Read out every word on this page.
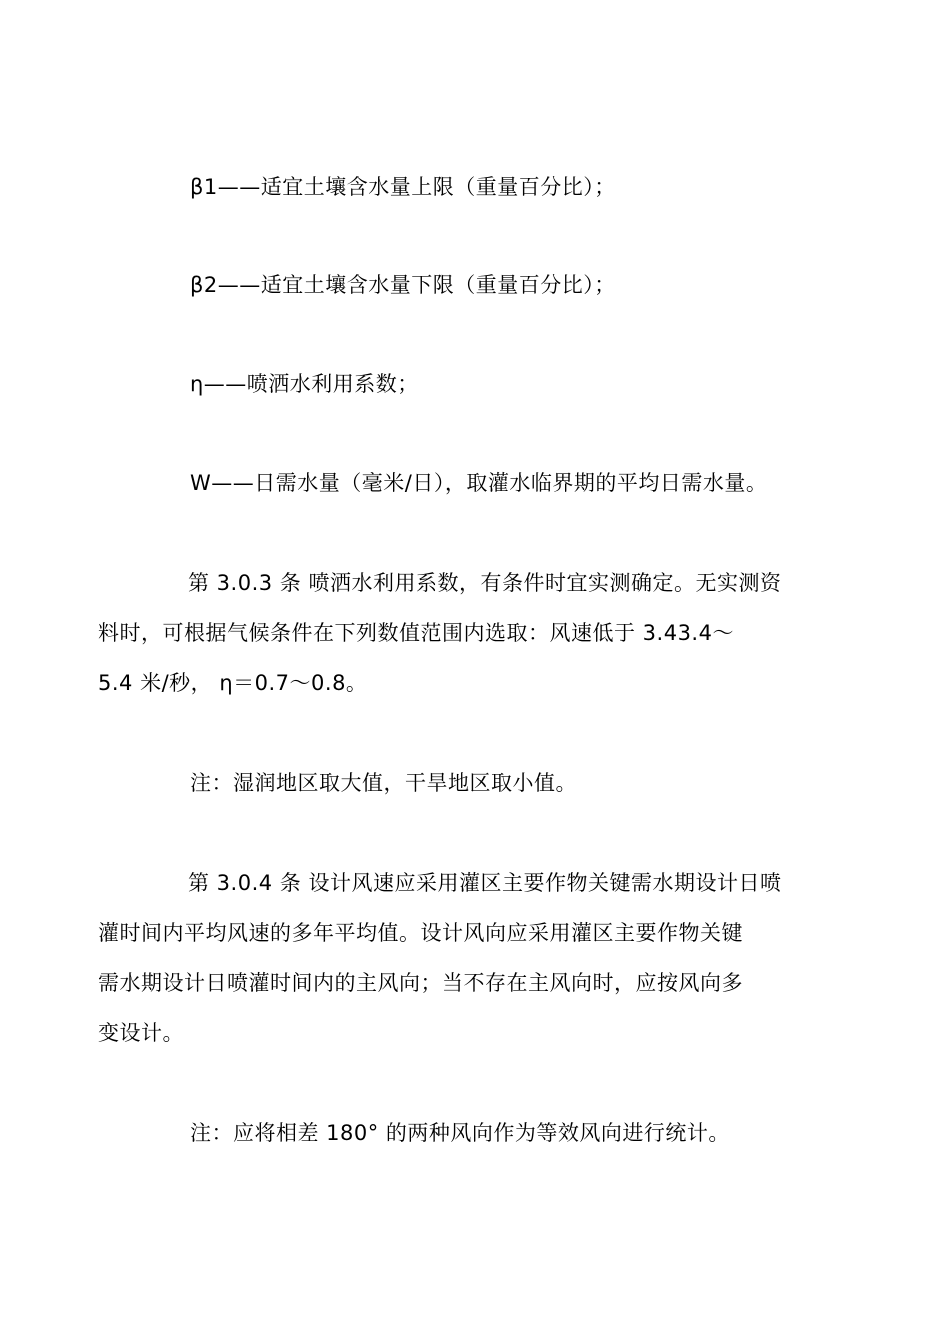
β1——适宜土壤含水量上限（重量百分比）；
β2——适宜土壤含水量下限（重量百分比）；
η——喷洒水利用系数；
W——日需水量（毫米/日），取灌水临界期的平均日需水量。
第 3.0.3 条 喷洒水利用系数，有条件时宜实测确定。无实测资
料时，可根据气候条件在下列数值范围内选取：风速低于 3.43.4～
5.4 米/秒， η＝0.7～0.8。
注：湿润地区取大值，干旱地区取小值。
第 3.0.4 条 设计风速应采用灌区主要作物关键需水期设计日喷
灌时间内平均风速的多年平均值。设计风向应采用灌区主要作物关键
需水期设计日喷灌时间内的主风向；当不存在主风向时，应按风向多
变设计。
注：应将相差 180° 的两种风向作为等效风向进行统计。
